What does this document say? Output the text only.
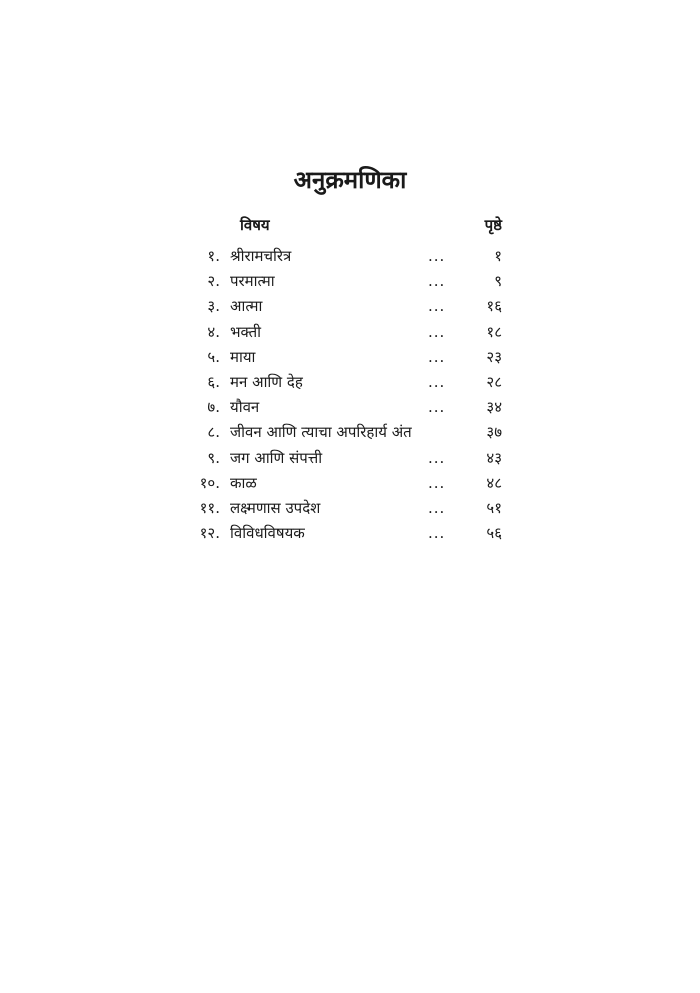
अनुक्रमणिका
विषय	पृष्ठे
१. श्रीरामचरित्र	...	१
२. परमात्मा	...	९
३. आत्मा	...	१६
४. भक्ती	...	१८
५. माया	...	२३
६. मन आणि देह	...	२८
७. यौवन	...	३४
८. जीवन आणि त्याचा अपरिहार्य अंत	३७
९. जग आणि संपत्ती	...	४३
१०. काळ	...	४८
११. लक्ष्मणास उपदेश	...	५१
१२. विविधविषयक	...	५६
